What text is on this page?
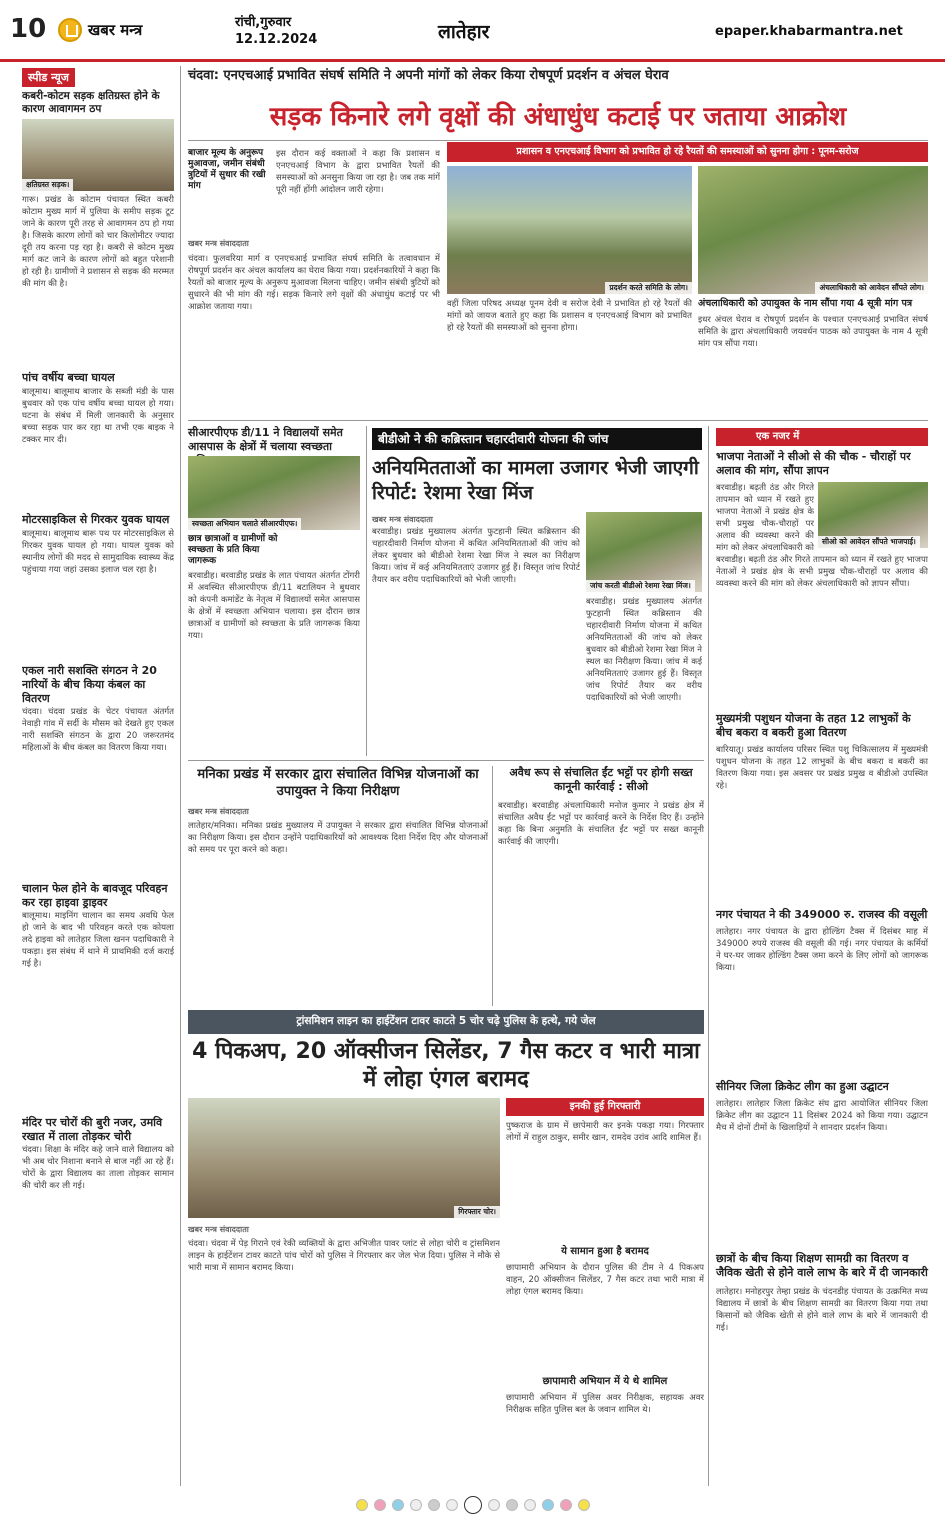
10	खबर मन्त्र	रांची,गुरुवार
12.12.2024	लातेहार	epaper.khabarmantra.net
स्पीड न्यूज
कबरी-कोटम सड़क क्षतिग्रस्त होने के कारण आवागमन ठप
क्षतिग्रस्त सड़क।
गारू। प्रखंड के कोटाम पंचायत स्थित कबरी कोटाम मुख्य मार्ग में पुलिया के समीप सड़क टूट जाने के कारण पूरी तरह से आवागमन ठप हो गया है। जिसके कारण लोगों को चार किलोमीटर ज्यादा दूरी तय करना पड़ रहा है। कबरी से कोटम मुख्य मार्ग कट जाने के कारण लोगों को बहुत परेशानी हो रही है। ग्रामीणों ने प्रशासन से सड़क की मरम्मत की मांग की है।
पांच वर्षीय बच्चा घायल
बालूमाथ। बालूमाथ बाजार के सब्जी मंडी के पास बुधवार को एक पांच वर्षीय बच्चा घायल हो गया। घटना के संबंध में मिली जानकारी के अनुसार बच्चा सड़क पार कर रहा था तभी एक बाइक ने टक्कर मार दी।
मोटरसाइकिल से गिरकर युवक घायल
बालूमाथ। बालूमाथ बारू पथ पर मोटरसाइकिल से गिरकर युवक घायल हो गया। घायल युवक को स्थानीय लोगों की मदद से सामुदायिक स्वास्थ्य केंद्र पहुंचाया गया जहां उसका इलाज चल रहा है।
एकल नारी सशक्ति संगठन ने 20 नारियों के बीच किया कंबल का वितरण
चंदवा। चंदवा प्रखंड के चेटर पंचायत अंतर्गत नेवाड़ी गांव में सर्दी के मौसम को देखते हुए एकल नारी सशक्ति संगठन के द्वारा 20 जरूरतमंद महिलाओं के बीच कंबल का वितरण किया गया।
चालान फेल होने के बावजूद परिवहन कर रहा हाइवा ड्राइवर
बालूमाथ। माइनिंग चालान का समय अवधि फेल हो जाने के बाद भी परिवहन करते एक कोयला लदे हाइवा को लातेहार जिला खनन पदाधिकारी ने पकड़ा। इस संबंध में थाने में प्राथमिकी दर्ज कराई गई है।
मंदिर पर चोरों की बुरी नजर, उमवि रखात में ताला तोड़कर चोरी
चंदवा। शिक्षा के मंदिर कहे जाने वाले विद्यालय को भी अब चोर निशाना बनाने से बाज नहीं आ रहे हैं। चोरों के द्वारा विद्यालय का ताला तोड़कर सामान की चोरी कर ली गई।
चंदवा: एनएचआई प्रभावित संघर्ष समिति ने अपनी मांगों को लेकर किया रोषपूर्ण प्रदर्शन व अंचल घेराव
सड़क किनारे लगे वृक्षों की अंधाधुंध कटाई पर जताया आक्रोश
बाजार मूल्य के अनुरूप मुआवजा, जमीन संबंधी त्रुटियों में सुधार की रखी मांग
इस दौरान कई वक्ताओं ने कहा कि प्रशासन व एनएचआई विभाग के द्वारा प्रभावित रैयतों की समस्याओं को अनसुना किया जा रहा है। जब तक मांगें पूरी नहीं होंगी आंदोलन जारी रहेगा।
खबर मन्त्र संवाददाता
चंदवा। फुलवरिया मार्ग व एनएचआई प्रभावित संघर्ष समिति के तत्वावधान में रोषपूर्ण प्रदर्शन कर अंचल कार्यालय का घेराव किया गया। प्रदर्शनकारियों ने कहा कि रैयतों को बाजार मूल्य के अनुरूप मुआवजा मिलना चाहिए। जमीन संबंधी त्रुटियों को सुधारने की भी मांग की गई। सड़क किनारे लगे वृक्षों की अंधाधुंध कटाई पर भी आक्रोश जताया गया।
प्रशासन व एनएचआई विभाग को प्रभावित हो रहे रैयतों की समस्याओं को सुनना होगा : पूनम-सरोज
प्रदर्शन करते समिति के लोग।	अंचलाधिकारी को आवेदन सौंपते लोग।
वहीं जिला परिषद अध्यक्ष पूनम देवी व सरोज देवी ने प्रभावित हो रहे रैयतों की मांगों को जायज बताते हुए कहा कि प्रशासन व एनएचआई विभाग को प्रभावित हो रहे रैयतों की समस्याओं को सुनना होगा।
अंचलाधिकारी को उपायुक्त के नाम सौंपा गया 4 सूत्री मांग पत्र
इधर अंचल घेराव व रोषपूर्ण प्रदर्शन के पश्चात एनएचआई प्रभावित संघर्ष समिति के द्वारा अंचलाधिकारी जयवर्धन पाठक को उपायुक्त के नाम 4 सूत्री मांग पत्र सौंपा गया।
सीआरपीएफ डी/11 ने विद्यालयों समेत आसपास के क्षेत्रों में चलाया स्वच्छता
स्वच्छता अभियान चलाते सीआरपीएफ।
छात्र छात्राओं व ग्रामीणों को स्वच्छता के प्रति किया जागरूक
बरवाडीह। बरवाडीह प्रखंड के लात पंचायत अंतर्गत टोंगरी में अवस्थित सीआरपीएफ डी/11 बटालियन ने बुधवार को कंपनी कमांडेंट के नेतृत्व में विद्यालयों समेत आसपास के क्षेत्रों में स्वच्छता अभियान चलाया। इस दौरान छात्र छात्राओं व ग्रामीणों को स्वच्छता के प्रति जागरूक किया गया।
बीडीओ ने की कब्रिस्तान चहारदीवारी योजना की जांच
अनियमितताओं का मामला उजागर भेजी जाएगी रिपोर्ट: रेशमा रेखा मिंज
खबर मन्त्र संवाददाता
जांच करती बीडीओ रेशमा रेखा मिंज।
बरवाडीह। प्रखंड मुख्यालय अंतर्गत फुटहानी स्थित कब्रिस्तान की चहारदीवारी निर्माण योजना में कथित अनियमितताओं की जांच को लेकर बुधवार को बीडीओ रेशमा रेखा मिंज ने स्थल का निरीक्षण किया। जांच में कई अनियमितताएं उजागर हुई हैं। विस्तृत जांच रिपोर्ट तैयार कर वरीय पदाधिकारियों को भेजी जाएगी।
बरवाडीह। प्रखंड मुख्यालय अंतर्गत फुटहानी स्थित कब्रिस्तान की चहारदीवारी निर्माण योजना में कथित अनियमितताओं की जांच को लेकर बुधवार को बीडीओ रेशमा रेखा मिंज ने स्थल का निरीक्षण किया। जांच में कई अनियमितताएं उजागर हुई हैं। विस्तृत जांच रिपोर्ट तैयार कर वरीय पदाधिकारियों को भेजी जाएगी।
एक नजर में
भाजपा नेताओं ने सीओ से की चौक - चौराहों पर अलाव की मांग, सौंपा ज्ञापन
सीओ को आवेदन सौंपते भाजपाई।
बरवाडीह। बढ़ती ठंड और गिरते तापमान को ध्यान में रखते हुए भाजपा नेताओं ने प्रखंड क्षेत्र के सभी प्रमुख चौक-चौराहों पर अलाव की व्यवस्था करने की मांग को लेकर अंचलाधिकारी को
बरवाडीह। बढ़ती ठंड और गिरते तापमान को ध्यान में रखते हुए भाजपा नेताओं ने प्रखंड क्षेत्र के सभी प्रमुख चौक-चौराहों पर अलाव की व्यवस्था करने की मांग को लेकर अंचलाधिकारी को ज्ञापन सौंपा।
मुख्यमंत्री पशुधन योजना के तहत 12 लाभुकों के बीच बकरा व बकरी हुआ वितरण
बारियातू। प्रखंड कार्यालय परिसर स्थित पशु चिकित्सालय में मुख्यमंत्री पशुधन योजना के तहत 12 लाभुकों के बीच बकरा व बकरी का वितरण किया गया। इस अवसर पर प्रखंड प्रमुख व बीडीओ उपस्थित रहे।
नगर पंचायत ने की 349000 रु. राजस्व की वसूली
लातेहार। नगर पंचायत के द्वारा होल्डिंग टैक्स में दिसंबर माह में 349000 रुपये राजस्व की वसूली की गई। नगर पंचायत के कर्मियों ने घर-घर जाकर होल्डिंग टैक्स जमा करने के लिए लोगों को जागरूक किया।
सीनियर जिला क्रिकेट लीग का हुआ उद्घाटन
लातेहार। लातेहार जिला क्रिकेट संघ द्वारा आयोजित सीनियर जिला क्रिकेट लीग का उद्घाटन 11 दिसंबर 2024 को किया गया। उद्घाटन मैच में दोनों टीमों के खिलाड़ियों ने शानदार प्रदर्शन किया।
छात्रों के बीच किया शिक्षण सामग्री का वितरण व जैविक खेती से होने वाले लाभ के बारे में दी जानकारी
लातेहार। मनोहरपुर तेम्हा प्रखंड के चंदनडीह पंचायत के उत्क्रमित मध्य विद्यालय में छात्रों के बीच शिक्षण सामग्री का वितरण किया गया तथा किसानों को जैविक खेती से होने वाले लाभ के बारे में जानकारी दी गई।
मनिका प्रखंड में सरकार द्वारा संचालित विभिन्न योजनाओं का उपायुक्त ने किया निरीक्षण
खबर मन्त्र संवाददाता
लातेहार/मनिका। मनिका प्रखंड मुख्यालय में उपायुक्त ने सरकार द्वारा संचालित विभिन्न योजनाओं का निरीक्षण किया। इस दौरान उन्होंने पदाधिकारियों को आवश्यक दिशा निर्देश दिए और योजनाओं को समय पर पूरा करने को कहा।
अवैध रूप से संचालित ईंट भट्टों पर होगी सख्त कानूनी कार्रवाई : सीओ
बरवाडीह। बरवाडीह अंचलाधिकारी मनोज कुमार ने प्रखंड क्षेत्र में संचालित अवैध ईंट भट्टों पर कार्रवाई करने के निर्देश दिए हैं। उन्होंने कहा कि बिना अनुमति के संचालित ईंट भट्टों पर सख्त कानूनी कार्रवाई की जाएगी।
ट्रांसमिशन लाइन का हाईटेंशन टावर काटते 5 चोर चढ़े पुलिस के हत्थे, गये जेल
4 पिकअप, 20 ऑक्सीजन सिलेंडर, 7 गैस कटर व भारी मात्रा में लोहा एंगल बरामद
गिरफ्तार चोर।
खबर मन्त्र संवाददाता
चंदवा। चंदवा में पेड़ गिराने एवं रेकी व्यक्तियों के द्वारा अभिजीत पावर प्लांट से लोहा चोरी व ट्रांसमिशन लाइन के हाईटेंशन टावर काटते पांच चोरों को पुलिस ने गिरफ्तार कर जेल भेज दिया। पुलिस ने मौके से भारी मात्रा में सामान बरामद किया।
इनकी हुई गिरफ्तारी
पुष्कराज के ग्राम में छापेमारी कर इनके पकड़ा गया। गिरफ्तार लोगों में राहुल ठाकुर, समीर खान, रामदेव उरांव आदि शामिल हैं।
ये सामान हुआ है बरामद
छापामारी अभियान के दौरान पुलिस की टीम ने 4 पिकअप वाहन, 20 ऑक्सीजन सिलेंडर, 7 गैस कटर तथा भारी मात्रा में लोहा एंगल बरामद किया।
छापामारी अभियान में ये थे शामिल
छापामारी अभियान में पुलिस अवर निरीक्षक, सहायक अवर निरीक्षक सहित पुलिस बल के जवान शामिल थे।
